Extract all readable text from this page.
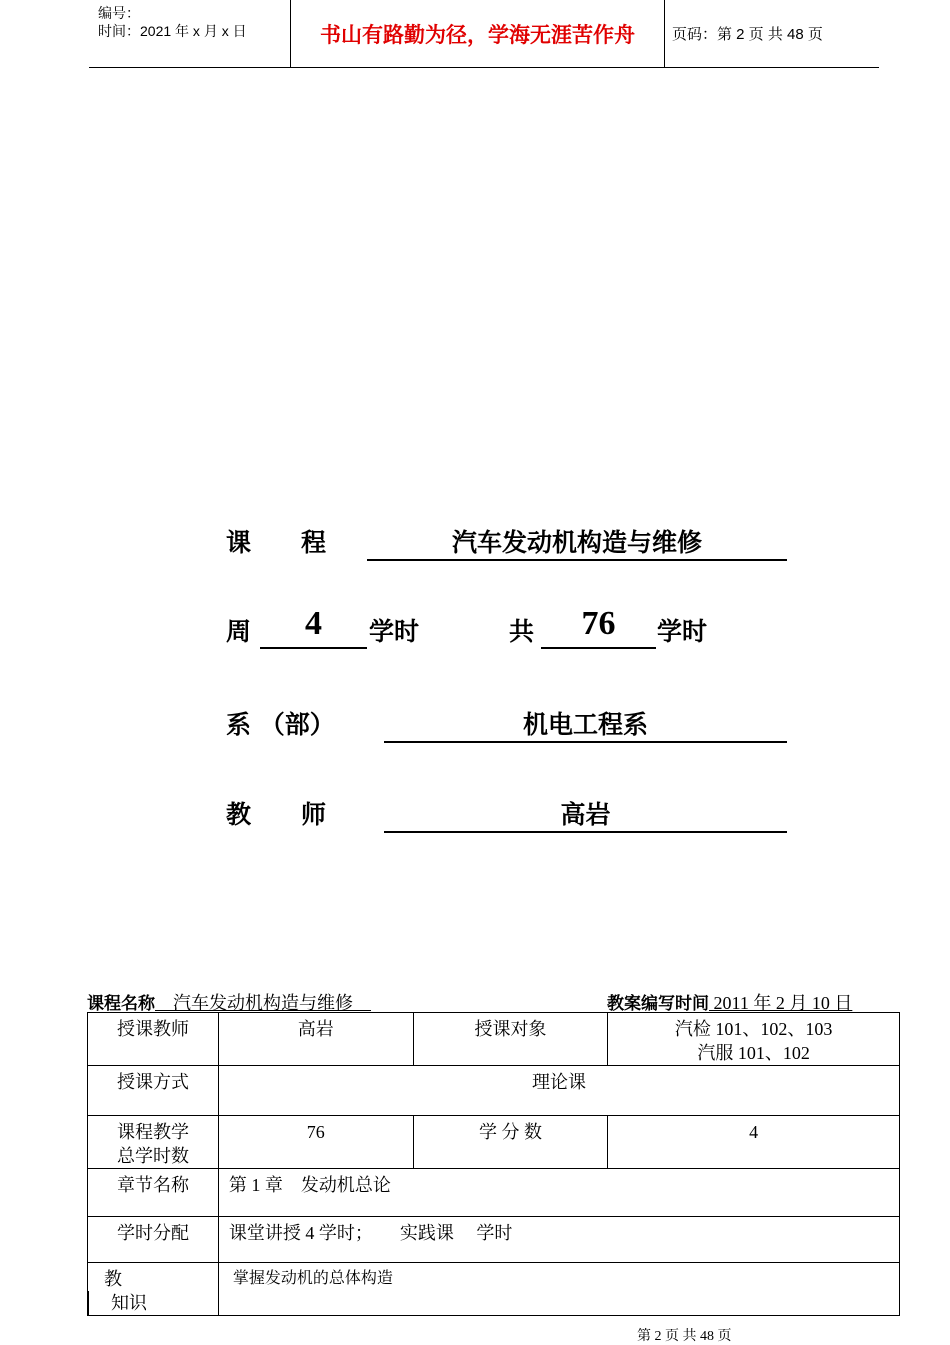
编号：
时间：2021 年 x 月 x 日	书山有路勤为径，学海无涯苦作舟	页码：第 2 页 共 48 页
课　　程	汽车发动机构造与维修
周	4	学时	共	76	学时
系 （部）	机电工程系
教　　师	高岩
课程名称　汽车发动机构造与维修　	教案编写时间 2011 年 2 月 10 日
授课教师	高岩	授课对象	汽检 101、102、103
汽服 101、102

授课方式	理论课		

课程教学
总学时数	76	学 分 数	4
章节名称	第 1 章　发动机总论		
学时分配	课堂讲授 4 学时；　　实践课　 学时		
教知识	掌握发动机的总体构造		
第 2 页 共 48 页
